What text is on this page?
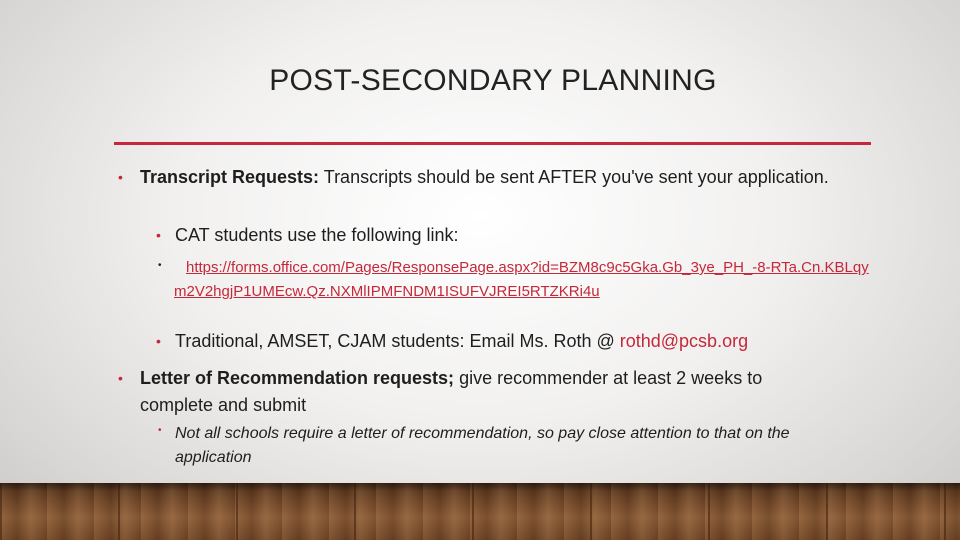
POST-SECONDARY PLANNING
• Transcript Requests: Transcripts should be sent AFTER you've sent your application.
• CAT students use the following link:
•	https://forms.office.com/Pages/ResponsePage.aspx?id=BZM8c9c5Gka.Gb_3ye_PH_-8-RTa.Cn.KBLqym2V2hgjP1UMEcw.Qz.NXMlIPMFNDM1ISUFVJREI5RTZKRi4u
• Traditional, AMSET, CJAM students: Email Ms. Roth @ rothd@pcsb.org
• Letter of Recommendation requests; give recommender at least 2 weeks to complete and submit
• Not all schools require a letter of recommendation, so pay close attention to that on the application
